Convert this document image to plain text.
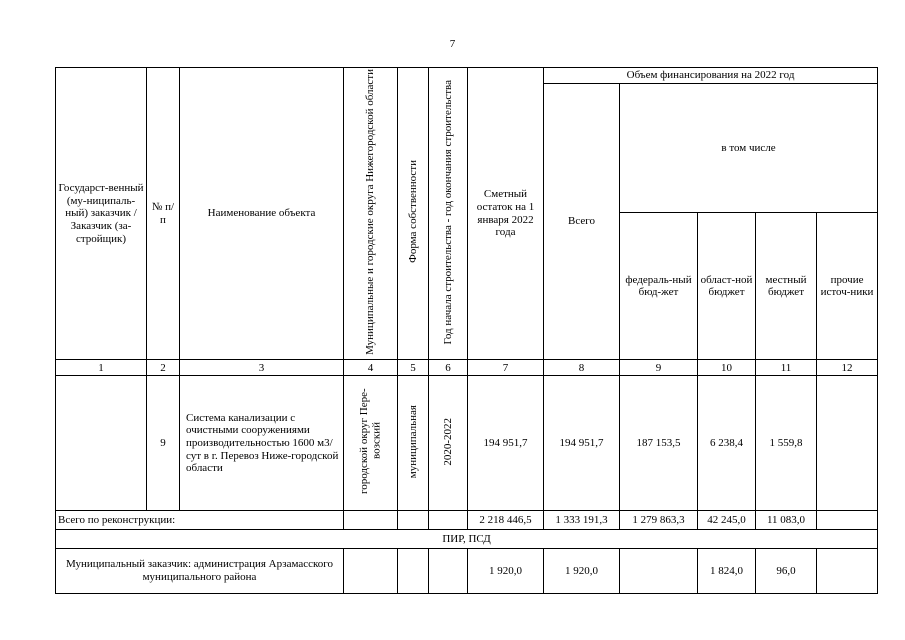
7
Государст-венный (му-ниципаль-ный) заказчик / Заказчик (за-стройщик)	№ п/п	Наименование объекта	Муниципальные и городские округа Нижегородской области	Форма собственности	Год начала строительства - год окончания строительства	Сметный остаток на 1 января 2022 года	Объем финансирования на 2022 год				
							Всего	в том числе			
								федераль-ный бюд-жет	област-ной бюджет	местный бюджет	прочие источ-ники
1	2	3	4	5	6	7	8	9	10	11	12
	9	Система канализации с очистными сооружениями производительностью 1600 м3/сут в г. Перевоз Ниже-городской области	городской округ Пере-возский	муниципальная	2020-2022	194 951,7	194 951,7	187 153,5	6 238,4	1 559,8	
Всего по реконструкции:						2 218 446,5	1 333 191,3	1 279 863,3	42 245,0	11 083,0	
ПИР, ПСД											
Муниципальный заказчик: администрация Арзамасского муниципального района						1 920,0	1 920,0		1 824,0	96,0	
